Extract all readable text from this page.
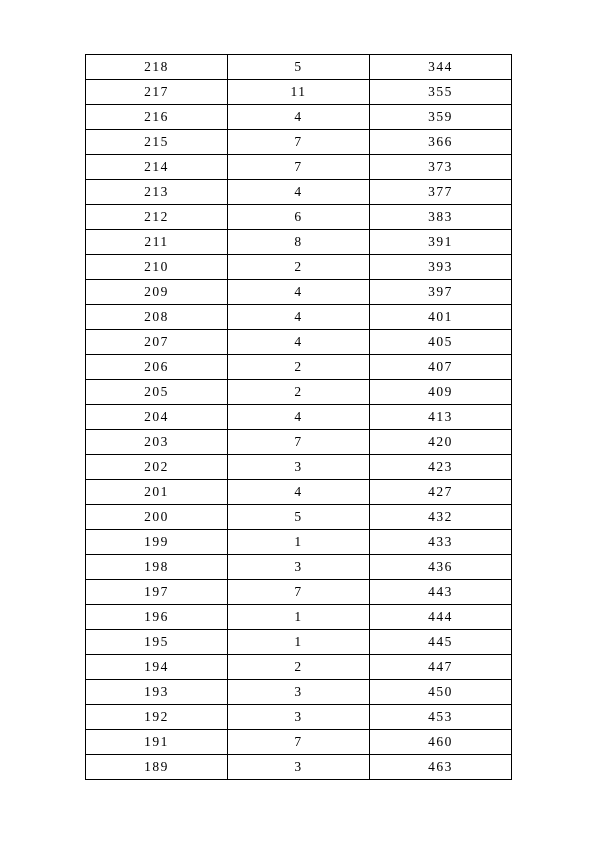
218	5	344
217	11	355
216	4	359
215	7	366
214	7	373
213	4	377
212	6	383
211	8	391
210	2	393
209	4	397
208	4	401
207	4	405
206	2	407
205	2	409
204	4	413
203	7	420
202	3	423
201	4	427
200	5	432
199	1	433
198	3	436
197	7	443
196	1	444
195	1	445
194	2	447
193	3	450
192	3	453
191	7	460
189	3	463
